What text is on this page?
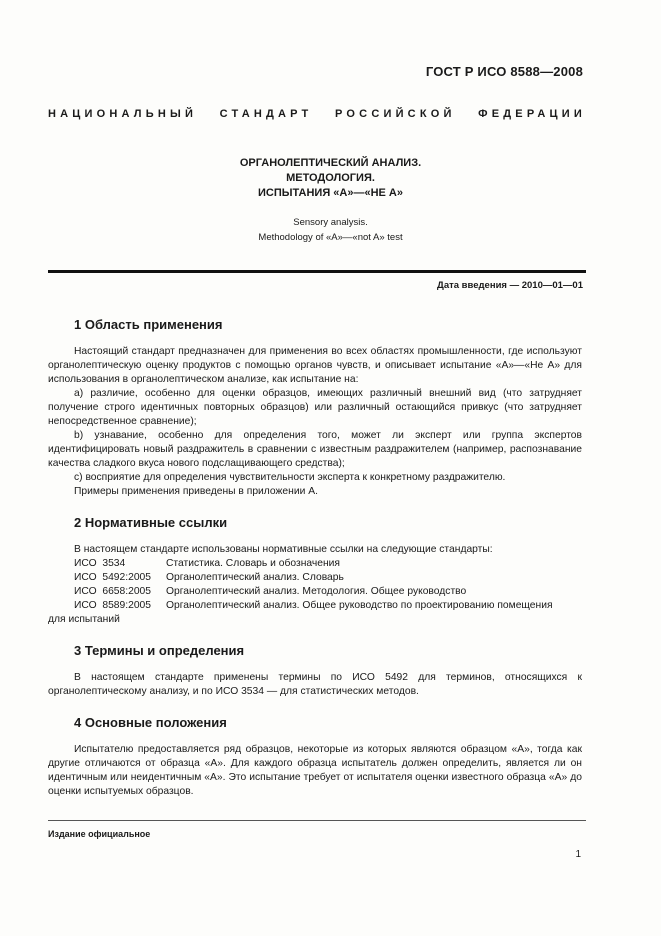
ГОСТ Р ИСО 8588—2008
НАЦИОНАЛЬНЫЙ СТАНДАРТ РОССИЙСКОЙ ФЕДЕРАЦИИ
ОРГАНОЛЕПТИЧЕСКИЙ АНАЛИЗ.
МЕТОДОЛОГИЯ.
ИСПЫТАНИЯ «А»—«НЕ А»
Sensory analysis.
Methodology of «A»—«not A» test
Дата введения — 2010—01—01
1 Область применения

Настоящий стандарт предназначен для применения во всех областях промышленности, где используют органолептическую оценку продуктов с помощью органов чувств, и описывает испытание «А»—«Не А» для использования в органолептическом анализе, как испытание на:

a) различие, особенно для оценки образцов, имеющих различный внешний вид (что затрудняет получение строго идентичных повторных образцов) или различный остающийся привкус (что затрудняет непосредственное сравнение);

b) узнавание, особенно для определения того, может ли эксперт или группа экспертов идентифицировать новый раздражитель в сравнении с известным раздражителем (например, распознавание качества сладкого вкуса нового подслащивающего средства);

c) восприятие для определения чувствительности эксперта к конкретному раздражителю.

Примеры применения приведены в приложении А.

2 Нормативные ссылки

В настоящем стандарте использованы нормативные ссылки на следующие стандарты:

ИСО  3534	Статистика. Словарь и обозначения
ИСО  5492:2005	Органолептический анализ. Словарь
ИСО  6658:2005	Органолептический анализ. Методология. Общее руководство
ИСО  8589:2005	Органолептический анализ. Общее руководство по проектированию помещения

для испытаний

3 Термины и определения

В настоящем стандарте применены термины по ИСО 5492 для терминов, относящихся к органолептическому анализу, и по ИСО 3534 — для статистических методов.

4 Основные положения

Испытателю предоставляется ряд образцов, некоторые из которых являются образцом «А», тогда как другие отличаются от образца «А». Для каждого образца испытатель должен определить, является ли он идентичным или неидентичным «А». Это испытание требует от испытателя оценки известного образца «А» до оценки испытуемых образцов.

Издание официальное
1
